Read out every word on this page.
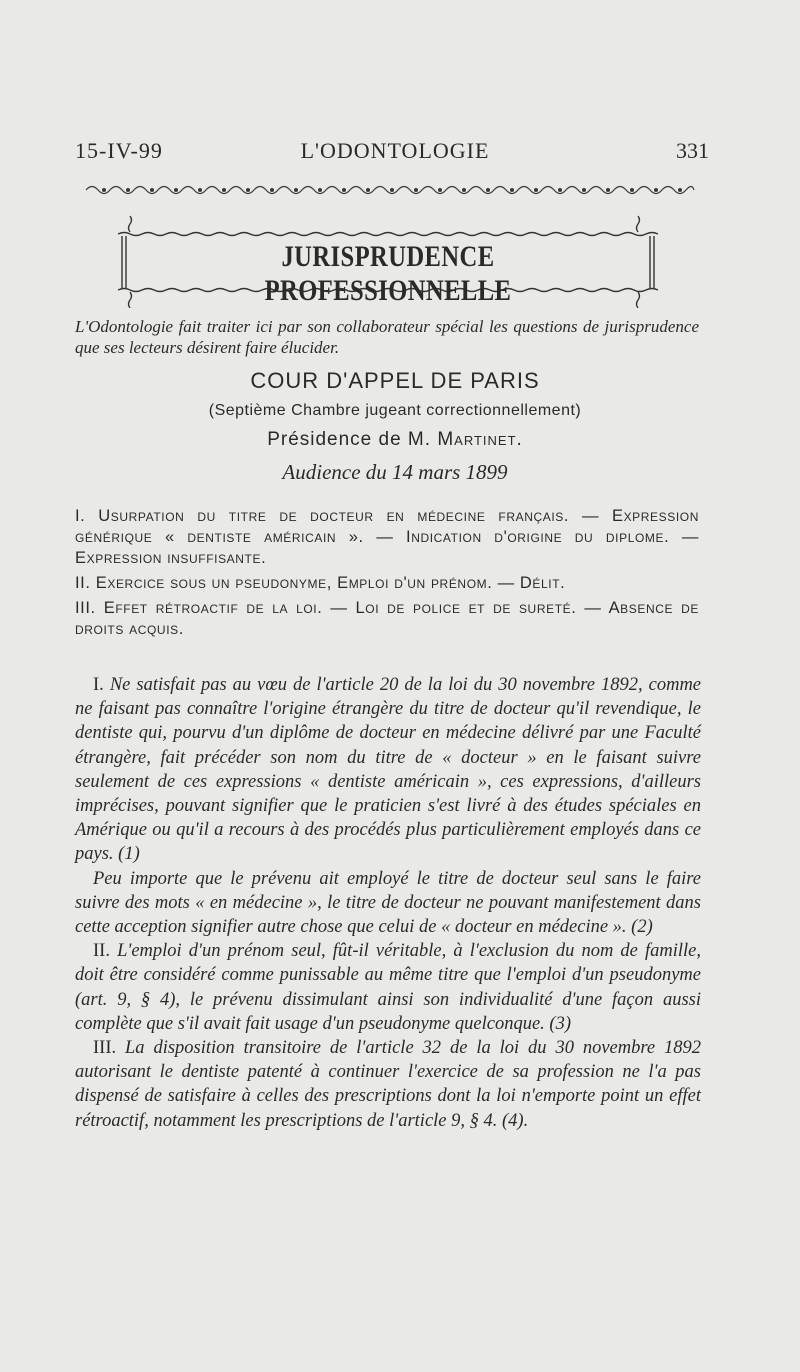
15-IV-99	L'ODONTOLOGIE	331
JURISPRUDENCE PROFESSIONNELLE
L'Odontologie fait traiter ici par son collaborateur spécial les questions de jurisprudence que ses lecteurs désirent faire élucider.
COUR D'APPEL DE PARIS
(Septième Chambre jugeant correctionnellement)
Présidence de M. Martinet.
Audience du 14 mars 1899

I. Usurpation du titre de docteur en médecine français. — Expression générique « dentiste américain ». — Indication d'origine du diplome. — Expression insuffisante.

II. Exercice sous un pseudonyme, Emploi d'un prénom. — Délit.

III. Effet rétroactif de la loi. — Loi de police et de sureté. — Absence de droits acquis.

I. Ne satisfait pas au vœu de l'article 20 de la loi du 30 novembre 1892, comme ne faisant pas connaître l'origine étrangère du titre de docteur qu'il revendique, le dentiste qui, pourvu d'un diplôme de docteur en médecine délivré par une Faculté étrangère, fait précéder son nom du titre de « docteur » en le faisant suivre seulement de ces expressions « dentiste américain », ces expressions, d'ailleurs imprécises, pouvant signifier que le praticien s'est livré à des études spéciales en Amérique ou qu'il a recours à des procédés plus particulièrement employés dans ce pays. (1)

Peu importe que le prévenu ait employé le titre de docteur seul sans le faire suivre des mots « en médecine », le titre de docteur ne pouvant manifestement dans cette acception signifier autre chose que celui de « docteur en médecine ». (2)

II. L'emploi d'un prénom seul, fût-il véritable, à l'exclusion du nom de famille, doit être considéré comme punissable au même titre que l'emploi d'un pseudonyme (art. 9, § 4), le prévenu dissimulant ainsi son individualité d'une façon aussi complète que s'il avait fait usage d'un pseudonyme quelconque. (3)

III. La disposition transitoire de l'article 32 de la loi du 30 novembre 1892 autorisant le dentiste patenté à continuer l'exercice de sa profession ne l'a pas dispensé de satisfaire à celles des prescriptions dont la loi n'emporte point un effet rétroactif, notamment les prescriptions de l'article 9, § 4. (4).
